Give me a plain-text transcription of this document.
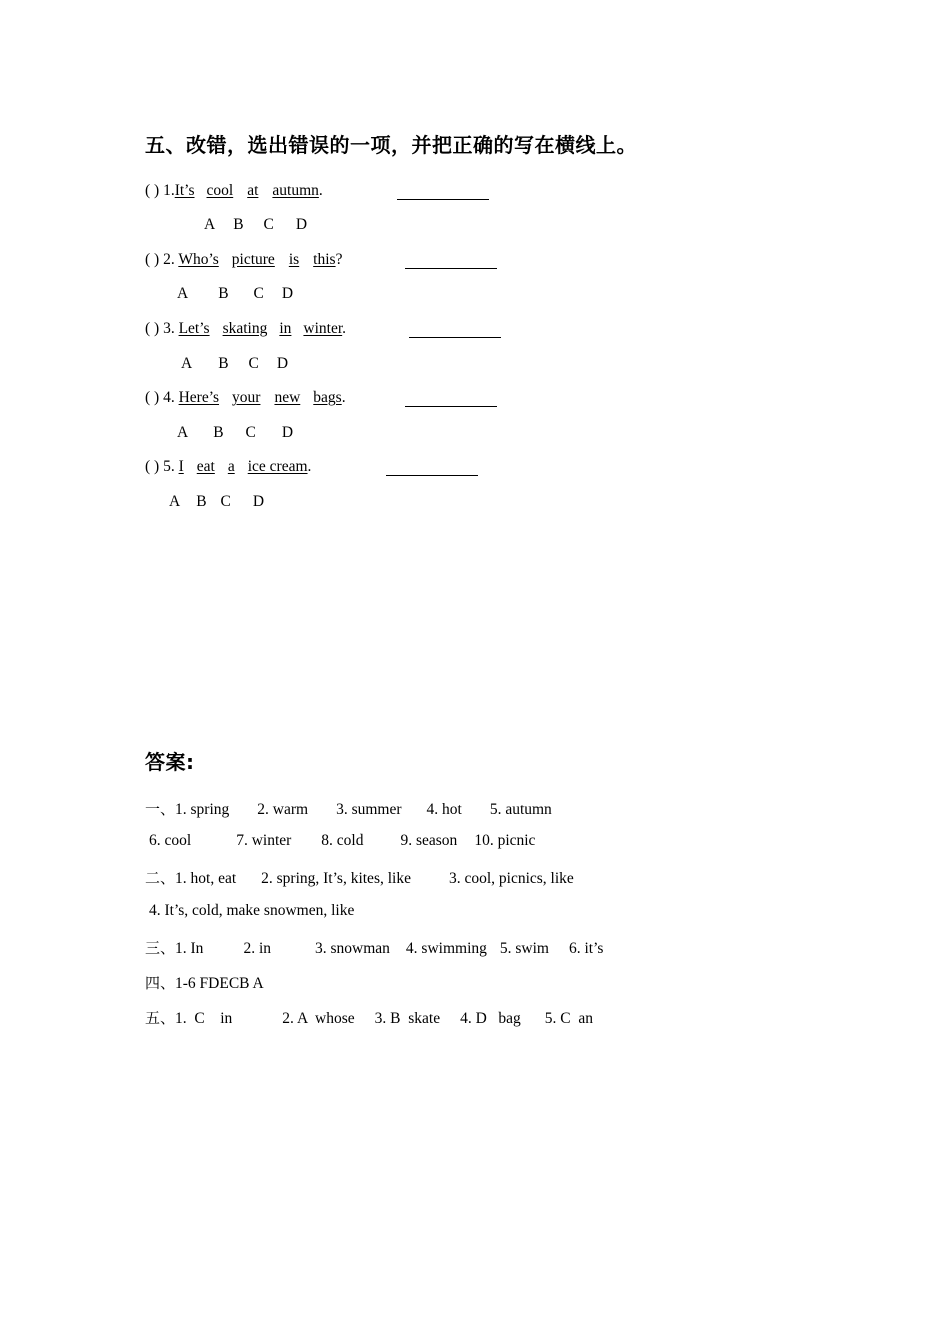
五、改错，选出错误的一项，并把正确的写在横线上。
( ) 1.It’s cool at autumn.
A B C D
( ) 2. Who’s picture is this?
A B C D
( ) 3. Let’s skating in winter.
A B C D
( ) 4. Here’s your new bags.
A B C D
( ) 5. I eat a ice cream.
A B C D
答案:
一、1. spring 2. warm 3. summer 4. hot 5. autumn
6. cool	7. winter 8. cold 9. season 10. picnic
二、1. hot, eat 2. spring, It’s, kites, like 3. cool, picnics, like
4. It’s, cold, make snowmen, like
三、1. In	2. in	3. snowman 4. swimming 5. swim 6. it’s
四、1-6 FDECB A
五、1.  C    in	2. A  whose 3. B  skate 4. D   bag 5. C  an
